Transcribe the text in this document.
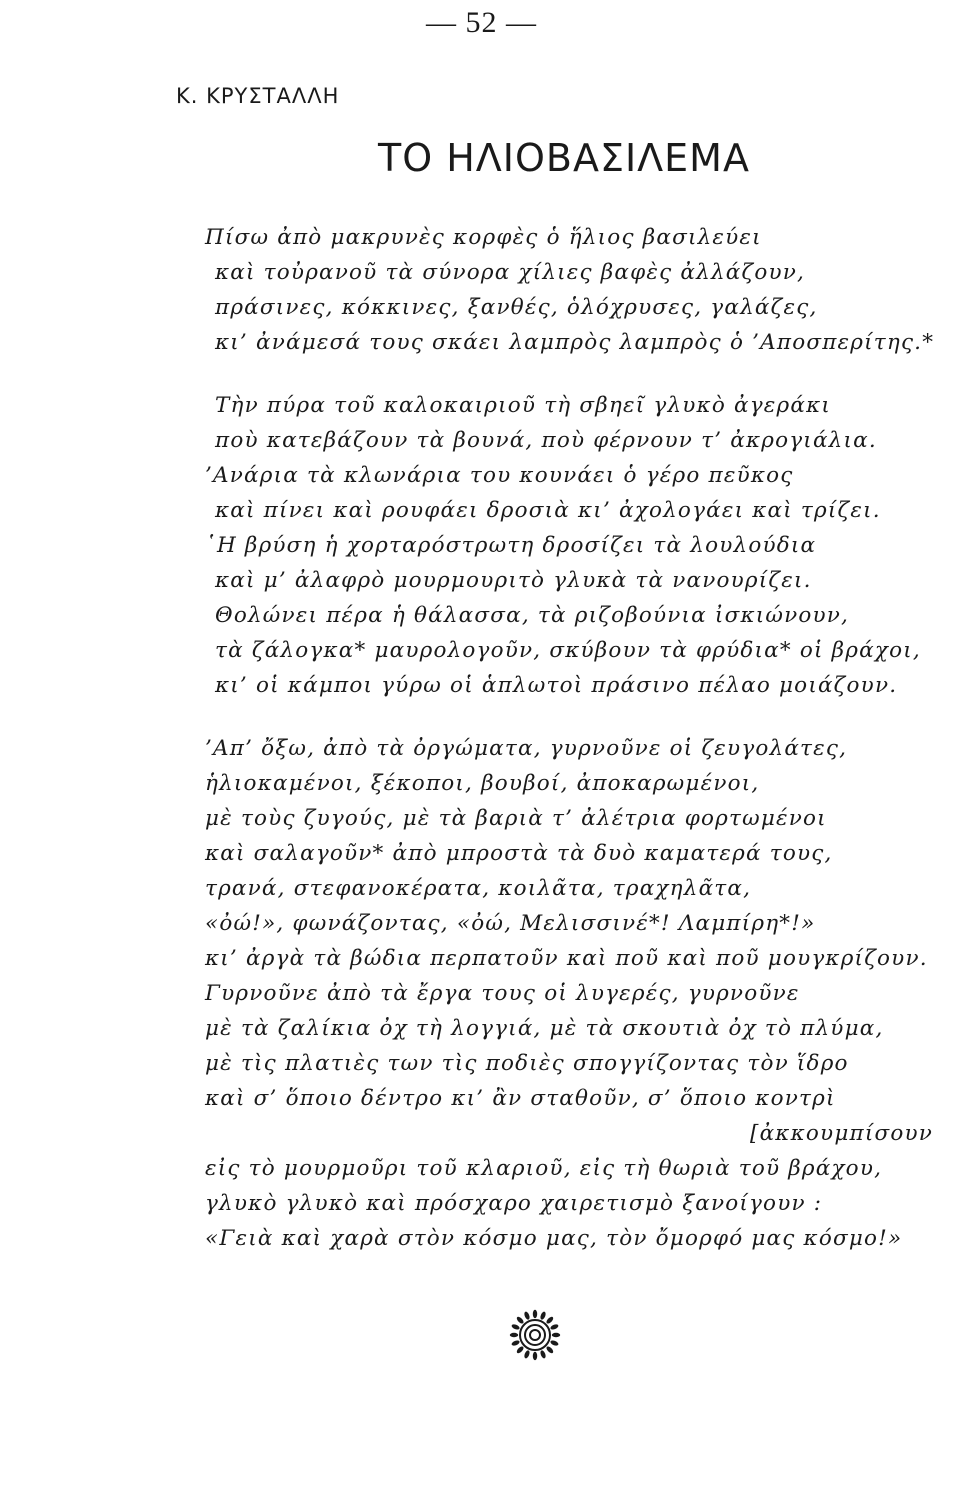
— 52 —
Κ. ΚΡΥΣΤΑΛΛΗ
ΤΟ ΗΛΙΟΒΑΣΙΛΕΜΑ
Πίσω ἀπὸ μακρυνὲς κορφὲς ὁ ἥλιος βασιλεύει
καὶ τοὐρανοῦ τὰ σύνορα χίλιες βαφὲς ἀλλάζουν,
πράσινες, κόκκινες, ξανθές, ὁλόχρυσες, γαλάζες,
κι’ ἀνάμεσά τους σκάει λαμπρὸς λαμπρὸς ὁ ’Αποσπερίτης.*
Τὴν πύρα τοῦ καλοκαιριοῦ τὴ σβηεῖ γλυκὸ ἀγεράκι
ποὺ κατεβάζουν τὰ βουνά, ποὺ φέρνουν τ’ ἀκρογιάλια.
’Ανάρια τὰ κλωνάρια του κουνάει ὁ γέρο πεῦκος
καὶ πίνει καὶ ρουφάει δροσιὰ κι’ ἀχολογάει καὶ τρίζει.
῾Η βρύση ἡ χορταρόστρωτη δροσίζει τὰ λουλούδια
καὶ μ’ ἀλαφρὸ μουρμουριτὸ γλυκὰ τὰ νανουρίζει.
Θολώνει πέρα ἡ θάλασσα, τὰ ριζοβούνια ἰσκιώνουν,
τὰ ζάλογκα* μαυρολογοῦν, σκύβουν τὰ φρύδια* οἱ βράχοι,
κι’ οἱ κάμποι γύρω οἱ ἁπλωτοὶ πράσινο πέλαο μοιάζουν.
’Απ’ ὄξω, ἀπὸ τὰ ὀργώματα, γυρνοῦνε οἱ ζευγολάτες,
ἡλιοκαμένοι, ξέκοποι, βουβοί, ἀποκαρωμένοι,
μὲ τοὺς ζυγούς, μὲ τὰ βαριὰ τ’ ἀλέτρια φορτωμένοι
καὶ σαλαγοῦν* ἀπὸ μπροστὰ τὰ δυὸ καματερά τους,
τρανά, στεφανοκέρατα, κοιλᾶτα, τραχηλᾶτα,
«ὀώ!», φωνάζοντας, «ὀώ, Μελισσινέ*! Λαμπίρη*!»
κι’ ἀργὰ τὰ βώδια περπατοῦν καὶ ποῦ καὶ ποῦ μουγκρίζουν.
Γυρνοῦνε ἀπὸ τὰ ἔργα τους οἱ λυγερές, γυρνοῦνε
μὲ τὰ ζαλίκια ὀχ τὴ λογγιά, μὲ τὰ σκουτιὰ ὀχ τὸ πλύμα,
μὲ τὶς πλατιὲς των τὶς ποδιὲς σπογγίζοντας τὸν ἵδρο
καὶ σ’ ὅποιο δέντρο κι’ ἂν σταθοῦν, σ’ ὅποιο κοντρὶ
[ἀκκουμπίσουν
εἰς τὸ μουρμοῦρι τοῦ κλαριοῦ, εἰς τὴ θωριὰ τοῦ βράχου,
γλυκὸ γλυκὸ καὶ πρόσχαρο χαιρετισμὸ ξανοίγουν :
«Γειὰ καὶ χαρὰ στὸν κόσμο μας, τὸν ὄμορφό μας κόσμο!»
